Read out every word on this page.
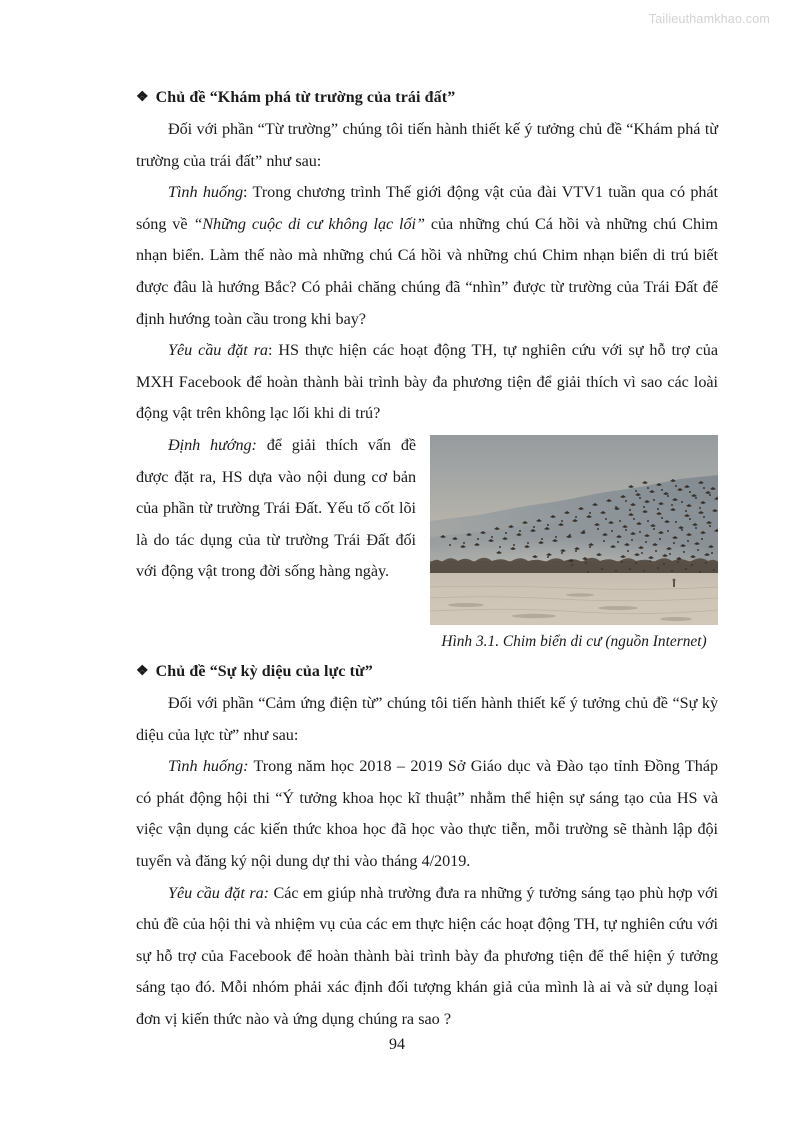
Tailieuthamkhao.com
❖ Chủ đề “Khám phá từ trường của trái đất”

Đối với phần “Từ trường” chúng tôi tiến hành thiết kế ý tưởng chủ đề “Khám phá từ trường của trái đất” như sau:

Tình huống: Trong chương trình Thế giới động vật của đài VTV1 tuần qua có phát sóng về “Những cuộc di cư không lạc lối” của những chú Cá hồi và những chú Chim nhạn biển. Làm thế nào mà những chú Cá hồi và những chú Chim nhạn biển di trú biết được đâu là hướng Bắc? Có phải chăng chúng đã “nhìn” được từ trường của Trái Đất để định hướng toàn cầu trong khi bay?

Yêu cầu đặt ra: HS thực hiện các hoạt động TH, tự nghiên cứu với sự hỗ trợ của MXH Facebook để hoàn thành bài trình bày đa phương tiện để giải thích vì sao các loài động vật trên không lạc lối khi di trú?

Hình 3.1. Chim biển di cư (nguồn Internet)

Định hướng: để giải thích vấn đề được đặt ra, HS dựa vào nội dung cơ bản của phần từ trường Trái Đất. Yếu tố cốt lõi là do tác dụng của từ trường Trái Đất đối với động vật trong đời sống hàng ngày.

❖ Chủ đề “Sự kỳ diệu của lực từ”

Đối với phần “Cảm ứng điện từ” chúng tôi tiến hành thiết kế ý tưởng chủ đề “Sự kỳ diệu của lực từ” như sau:

Tình huống: Trong năm học 2018 – 2019 Sở Giáo dục và Đào tạo tỉnh Đồng Tháp có phát động hội thi “Ý tưởng khoa học kĩ thuật” nhằm thể hiện sự sáng tạo của HS và việc vận dụng các kiến thức khoa học đã học vào thực tiễn, mỗi trường sẽ thành lập đội tuyển và đăng ký nội dung dự thi vào tháng 4/2019.

Yêu cầu đặt ra: Các em giúp nhà trường đưa ra những ý tưởng sáng tạo phù hợp với chủ đề của hội thi và nhiệm vụ của các em thực hiện các hoạt động TH, tự nghiên cứu với sự hỗ trợ của Facebook để hoàn thành bài trình bày đa phương tiện để thể hiện ý tưởng sáng tạo đó. Mỗi nhóm phải xác định đối tượng khán giả của mình là ai và sử dụng loại đơn vị kiến thức nào và ứng dụng chúng ra sao ?

94
